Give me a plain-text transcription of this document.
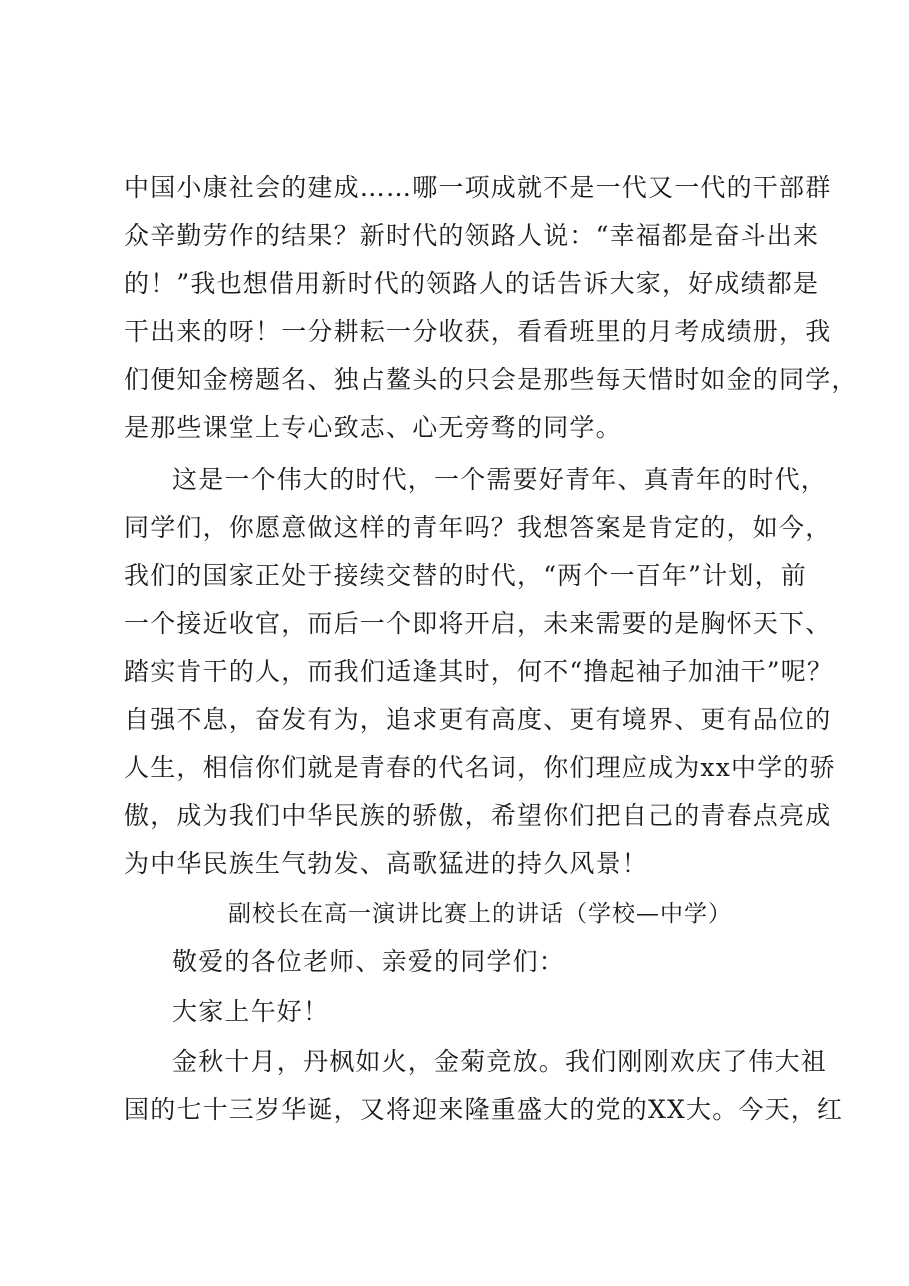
中国小康社会的建成……哪一项成就不是一代又一代的干部群
众辛勤劳作的结果？新时代的领路人说：“幸福都是奋斗出来
的！”我也想借用新时代的领路人的话告诉大家，好成绩都是
干出来的呀！一分耕耘一分收获，看看班里的月考成绩册，我
们便知金榜题名、独占鳌头的只会是那些每天惜时如金的同学，
是那些课堂上专心致志、心无旁骛的同学。
这是一个伟大的时代，一个需要好青年、真青年的时代，
同学们，你愿意做这样的青年吗？我想答案是肯定的，如今，
我们的国家正处于接续交替的时代，“两个一百年”计划，前
一个接近收官，而后一个即将开启，未来需要的是胸怀天下、
踏实肯干的人，而我们适逢其时，何不“撸起袖子加油干”呢？
自强不息，奋发有为，追求更有高度、更有境界、更有品位的
人生，相信你们就是青春的代名词，你们理应成为xx中学的骄
傲，成为我们中华民族的骄傲，希望你们把自己的青春点亮成
为中华民族生气勃发、高歌猛进的持久风景！
副校长在高一演讲比赛上的讲话（学校—中学）
敬爱的各位老师、亲爱的同学们：
大家上午好！
金秋十月，丹枫如火，金菊竞放。我们刚刚欢庆了伟大祖
国的七十三岁华诞，又将迎来隆重盛大的党的XX大。今天，红
